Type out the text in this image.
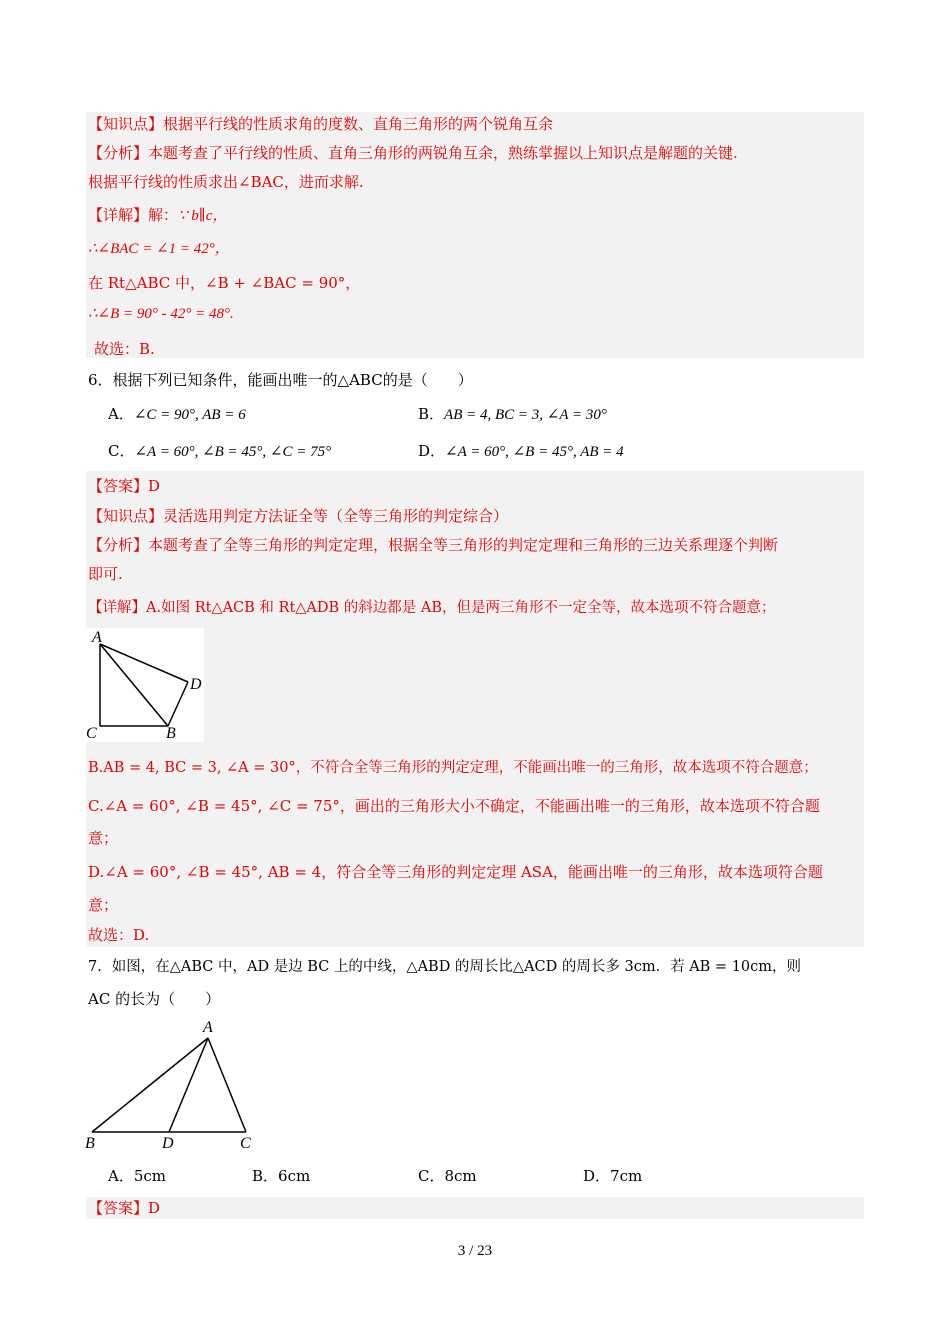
【知识点】根据平行线的性质求角的度数、直角三角形的两个锐角互余
【分析】本题考查了平行线的性质、直角三角形的两锐角互余，熟练掌握以上知识点是解题的关键.
根据平行线的性质求出∠BAC，进而求解.
【详解】解：∵ b∥c，
∴∠BAC = ∠1 = 42°，
在 Rt△ABC 中，∠B + ∠BAC = 90°，
∴∠B = 90° - 42° = 48°.
故选：B.
6．根据下列已知条件，能画出唯一的△ABC的是（　　）
A．∠C = 90°, AB = 6	B．AB = 4, BC = 3, ∠A = 30°
C．∠A = 60°, ∠B = 45°, ∠C = 75°	D．∠A = 60°, ∠B = 45°, AB = 4
【答案】D
【知识点】灵活选用判定方法证全等（全等三角形的判定综合）
【分析】本题考查了全等三角形的判定定理，根据全等三角形的判定定理和三角形的三边关系理逐个判断
即可.
【详解】A.如图 Rt△ACB 和 Rt△ADB 的斜边都是 AB，但是两三角形不一定全等，故本选项不符合题意；
A
D
C	B
B.AB = 4, BC = 3, ∠A = 30°，不符合全等三角形的判定定理，不能画出唯一的三角形，故本选项不符合题意；
C.∠A = 60°, ∠B = 45°, ∠C = 75°，画出的三角形大小不确定，不能画出唯一的三角形，故本选项不符合题
意；
D.∠A = 60°, ∠B = 45°, AB = 4，符合全等三角形的判定定理 ASA，能画出唯一的三角形，故本选项符合题
意；
故选：D.
7．如图，在△ABC 中，AD 是边 BC 上的中线，△ABD 的周长比△ACD 的周长多 3cm．若 AB = 10cm，则
AC 的长为（　　）
A
B	D	C
A．5cm	B．6cm	C．8cm	D．7cm
【答案】D
3 / 23
